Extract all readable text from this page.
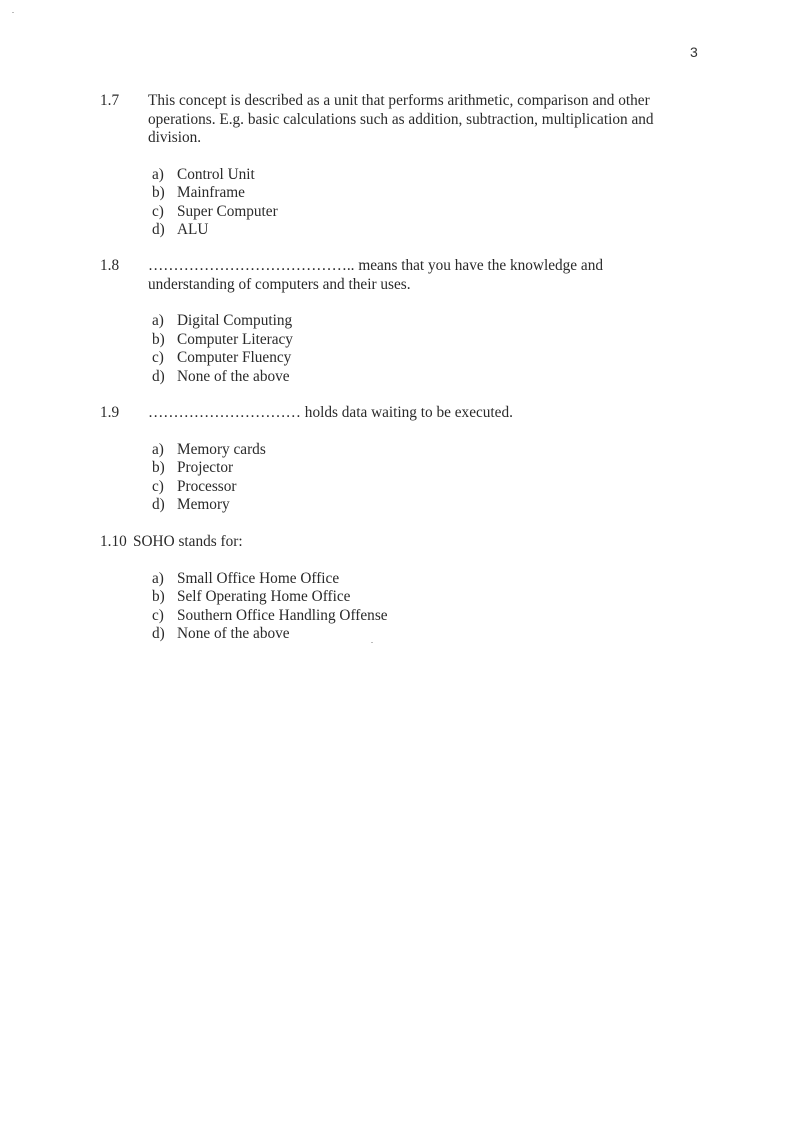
3
1.7 This concept is described as a unit that performs arithmetic, comparison and other operations. E.g. basic calculations such as addition, subtraction, multiplication and division.
a) Control Unit
b) Mainframe
c) Super Computer
d) ALU
1.8 ………………………………….. means that you have the knowledge and understanding of computers and their uses.
a) Digital Computing
b) Computer Literacy
c) Computer Fluency
d) None of the above
1.9 ………………………… holds data waiting to be executed.
a) Memory cards
b) Projector
c) Processor
d) Memory
1.10 SOHO stands for:
a) Small Office Home Office
b) Self Operating Home Office
c) Southern Office Handling Offense
d) None of the above
